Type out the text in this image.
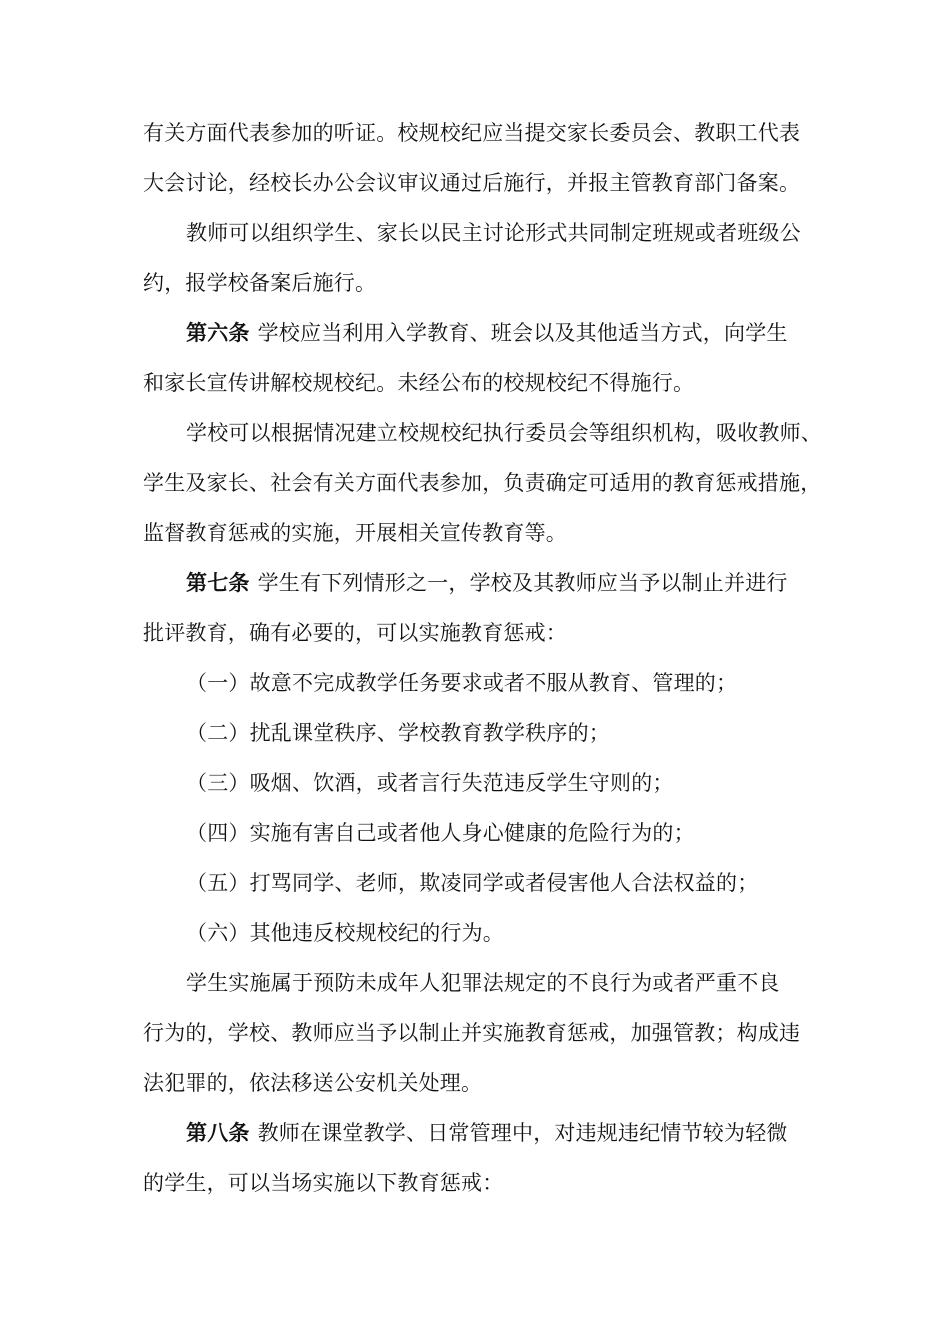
有关方面代表参加的听证。校规校纪应当提交家长委员会、教职工代表
大会讨论，经校长办公会议审议通过后施行，并报主管教育部门备案。
教师可以组织学生、家长以民主讨论形式共同制定班规或者班级公
约，报学校备案后施行。
第六条 学校应当利用入学教育、班会以及其他适当方式，向学生
和家长宣传讲解校规校纪。未经公布的校规校纪不得施行。
学校可以根据情况建立校规校纪执行委员会等组织机构，吸收教师、
学生及家长、社会有关方面代表参加，负责确定可适用的教育惩戒措施，
监督教育惩戒的实施，开展相关宣传教育等。
第七条 学生有下列情形之一，学校及其教师应当予以制止并进行
批评教育，确有必要的，可以实施教育惩戒：
（一）故意不完成教学任务要求或者不服从教育、管理的；
（二）扰乱课堂秩序、学校教育教学秩序的；
（三）吸烟、饮酒，或者言行失范违反学生守则的；
（四）实施有害自己或者他人身心健康的危险行为的；
（五）打骂同学、老师，欺凌同学或者侵害他人合法权益的；
（六）其他违反校规校纪的行为。
学生实施属于预防未成年人犯罪法规定的不良行为或者严重不良
行为的，学校、教师应当予以制止并实施教育惩戒，加强管教；构成违
法犯罪的，依法移送公安机关处理。
第八条 教师在课堂教学、日常管理中，对违规违纪情节较为轻微
的学生，可以当场实施以下教育惩戒：
